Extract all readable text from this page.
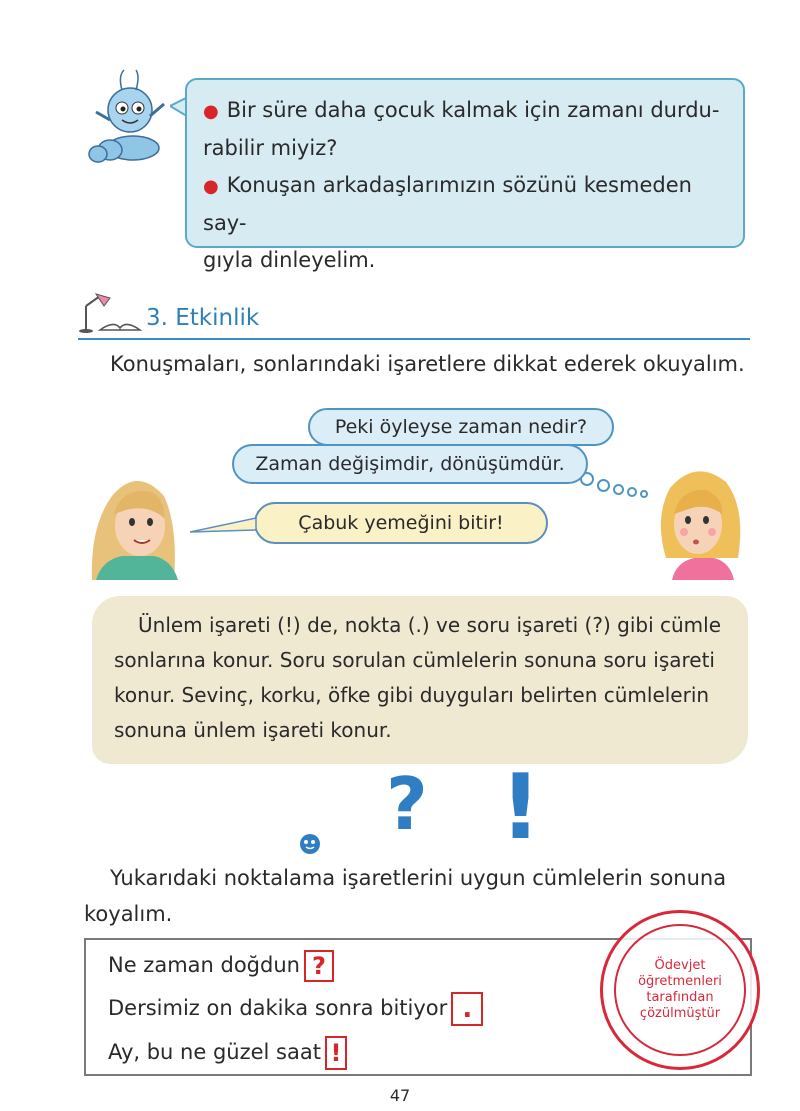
● Bir süre daha çocuk kalmak için zamanı durdu-

rabilir miyiz?

● Konuşan arkadaşlarımızın sözünü kesmeden say-

gıyla dinleyelim.

3. Etkinlik
Konuşmaları, sonlarındaki işaretlere dikkat ederek okuyalım.
Peki öyleyse zaman nedir?
Zaman değişimdir, dönüşümdür.
Çabuk yemeğini bitir!

Ünlem işareti (!) de, nokta (.) ve soru işareti (?) gibi cümle

sonlarına konur. Soru sorulan cümlelerin sonuna soru işareti

konur. Sevinç, korku, öfke gibi duyguları belirten cümlelerin

sonuna ünlem işareti konur.

? !
Yukarıdaki noktalama işaretlerini uygun cümlelerin sonuna
koyalım.
Ne zaman doğdun ?
Dersimiz on dakika sonra bitiyor .
Ay, bu ne güzel saat !
Ödevjet
öğretmenleri
tarafından
çözülmüştür
47
